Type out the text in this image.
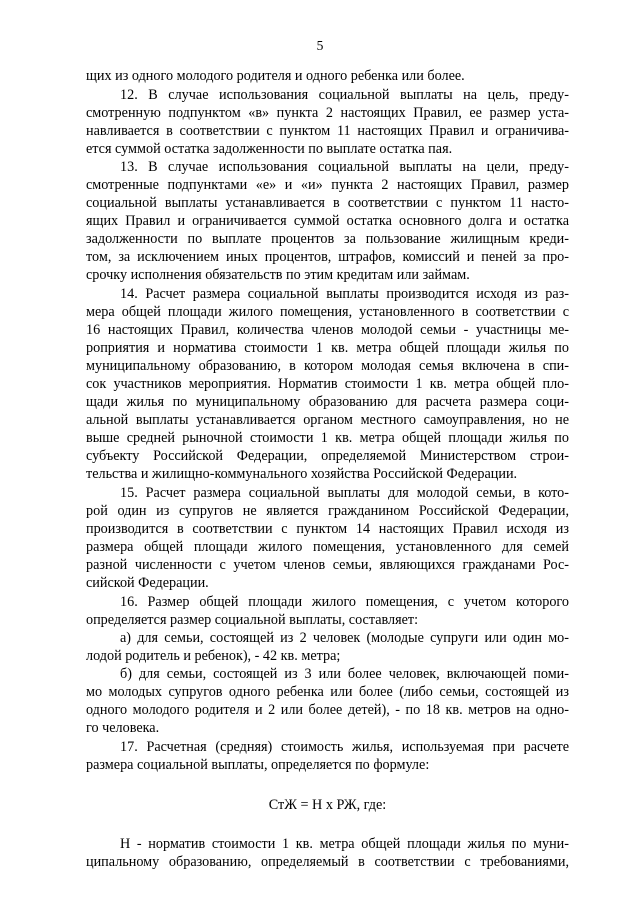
5
щих из одного молодого родителя и одного ребенка или более.
12. В случае использования социальной выплаты на цель, преду-
смотренную подпунктом «в» пункта 2 настоящих Правил, ее размер уста-
навливается в соответствии с пунктом 11 настоящих Правил и ограничива-
ется суммой остатка задолженности по выплате остатка пая.
13. В случае использования социальной выплаты на цели, преду-
смотренные подпунктами «е» и «и» пункта 2 настоящих Правил, размер
социальной выплаты устанавливается в соответствии с пунктом 11 насто-
ящих Правил и ограничивается суммой остатка основного долга и остатка
задолженности по выплате процентов за пользование жилищным креди-
том, за исключением иных процентов, штрафов, комиссий и пеней за про-
срочку исполнения обязательств по этим кредитам или займам.
14. Расчет размера социальной выплаты производится исходя из раз-
мера общей площади жилого помещения, установленного в соответствии с
16 настоящих Правил, количества членов молодой семьи - участницы ме-
роприятия и норматива стоимости 1 кв. метра общей площади жилья по
муниципальному образованию, в котором молодая семья включена в спи-
сок участников мероприятия. Норматив стоимости 1 кв. метра общей пло-
щади жилья по муниципальному образованию для расчета размера соци-
альной выплаты устанавливается органом местного самоуправления, но не
выше средней рыночной стоимости 1 кв. метра общей площади жилья по
субъекту Российской Федерации, определяемой Министерством строи-
тельства и жилищно-коммунального хозяйства Российской Федерации.
15. Расчет размера социальной выплаты для молодой семьи, в кото-
рой один из супругов не является гражданином Российской Федерации,
производится в соответствии с пунктом 14 настоящих Правил исходя из
размера общей площади жилого помещения, установленного для семей
разной численности с учетом членов семьи, являющихся гражданами Рос-
сийской Федерации.
16. Размер общей площади жилого помещения, с учетом которого
определяется размер социальной выплаты, составляет:
а) для семьи, состоящей из 2 человек (молодые супруги или один мо-
лодой родитель и ребенок), - 42 кв. метра;
б) для семьи, состоящей из 3 или более человек, включающей поми-
мо молодых супругов одного ребенка или более (либо семьи, состоящей из
одного молодого родителя и 2 или более детей), - по 18 кв. метров на одно-
го человека.
17. Расчетная (средняя) стоимость жилья, используемая при расчете
размера социальной выплаты, определяется по формуле:
СтЖ = Н х РЖ, где:
Н - норматив стоимости 1 кв. метра общей площади жилья по муни-
ципальному образованию, определяемый в соответствии с требованиями,
